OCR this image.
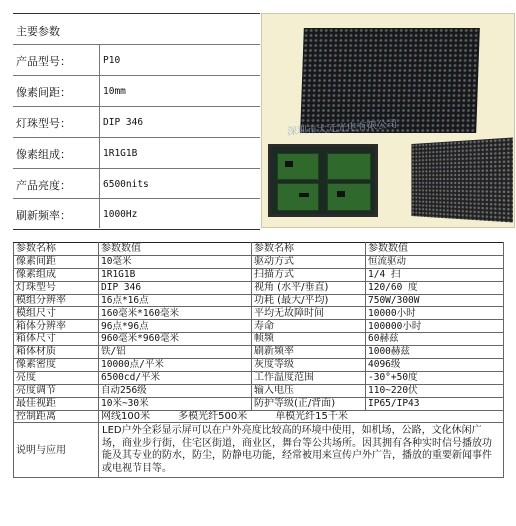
主要参数
产品型号：	P10
像素间距：	10mm
灯珠型号：	DIP 346
像素组成：	1R1G1B
产品亮度：	6500nits
刷新频率：	1000Hz
深圳市大元光电有限公司
参数名称	参数数值	参数名称	参数数值
像素间距	10毫米	驱动方式	恒流驱动
像素组成	1R1G1B	扫描方式	1/4 扫
灯珠型号	DIP 346	视角 (水平/垂直)	120/60 度
模组分辨率	16点*16点	功耗 (最大/平均)	750W/300W
模组尺寸	160毫米*160毫米	平均无故障时间	10000小时
箱体分辨率	96点*96点	寿命	100000小时
箱体尺寸	960毫米*960毫米	帧频	60赫兹
箱体材质	铁/铝	刷新频率	1000赫兹
像素密度	10000点/平米	灰度等级	4096级
亮度	6500cd/平米	工作温度范围	-30°+50度
亮度调节	自动256级	输入电压	110~220伏
最佳视距	10米~30米	防护等级(正/背面)	IP65/IP43
控制距离	网线100米 多模光纤500米 单模光纤15千米		
说明与应用	LED户外全彩显示屏可以在户外亮度比较高的环境中使用，如机场，公路，文化休闲广场，商业步行街，住宅区街道，商业区，舞台等公共场所。因其拥有各种实时信号播放功能及其专业的防水，防尘，防静电功能，经常被用来宣传户外广告，播放的重要新闻事件或电视节目等。		
